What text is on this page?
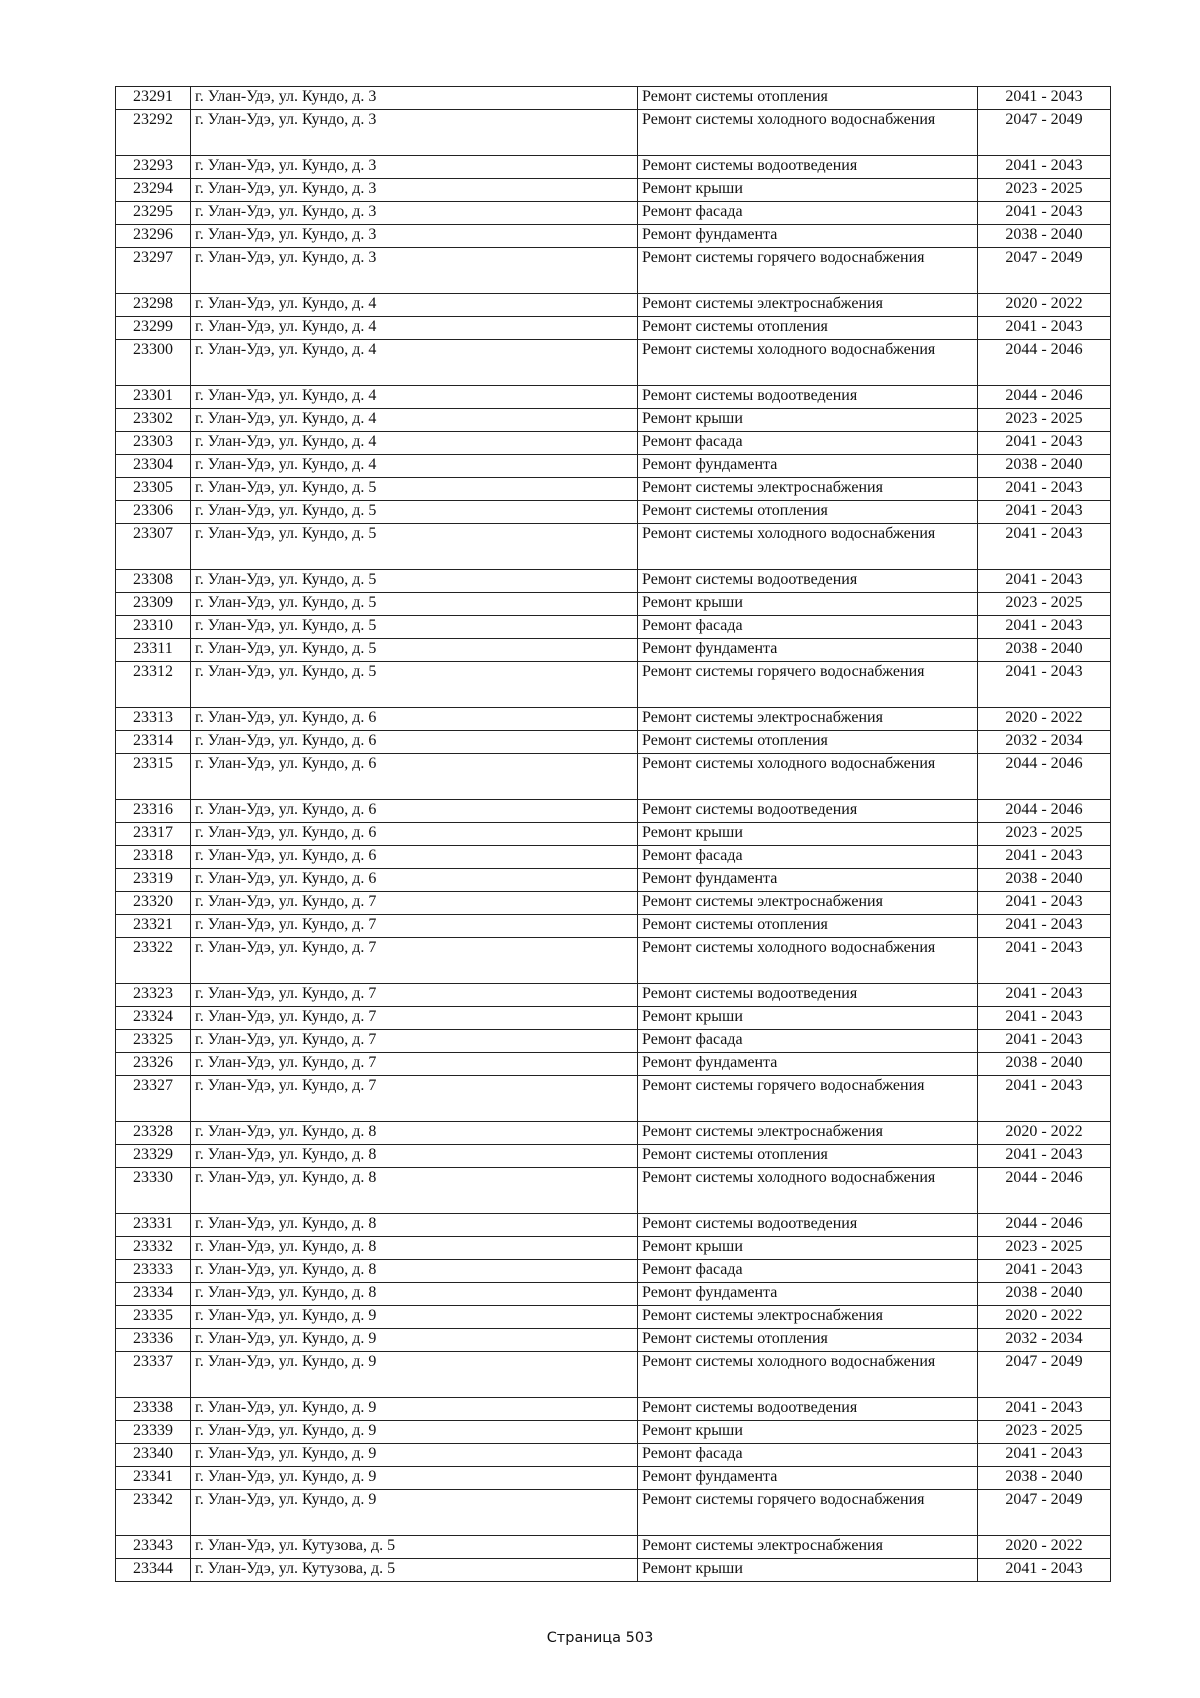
23291	г. Улан-Удэ, ул. Кундо, д. 3	Ремонт системы отопления	2041 - 2043
23292	г. Улан-Удэ, ул. Кундо, д. 3	Ремонт системы холодного водоснабжения	2047 - 2049
23293	г. Улан-Удэ, ул. Кундо, д. 3	Ремонт системы водоотведения	2041 - 2043
23294	г. Улан-Удэ, ул. Кундо, д. 3	Ремонт крыши	2023 - 2025
23295	г. Улан-Удэ, ул. Кундо, д. 3	Ремонт фасада	2041 - 2043
23296	г. Улан-Удэ, ул. Кундо, д. 3	Ремонт фундамента	2038 - 2040
23297	г. Улан-Удэ, ул. Кундо, д. 3	Ремонт системы горячего водоснабжения	2047 - 2049
23298	г. Улан-Удэ, ул. Кундо, д. 4	Ремонт системы электроснабжения	2020 - 2022
23299	г. Улан-Удэ, ул. Кундо, д. 4	Ремонт системы отопления	2041 - 2043
23300	г. Улан-Удэ, ул. Кундо, д. 4	Ремонт системы холодного водоснабжения	2044 - 2046
23301	г. Улан-Удэ, ул. Кундо, д. 4	Ремонт системы водоотведения	2044 - 2046
23302	г. Улан-Удэ, ул. Кундо, д. 4	Ремонт крыши	2023 - 2025
23303	г. Улан-Удэ, ул. Кундо, д. 4	Ремонт фасада	2041 - 2043
23304	г. Улан-Удэ, ул. Кундо, д. 4	Ремонт фундамента	2038 - 2040
23305	г. Улан-Удэ, ул. Кундо, д. 5	Ремонт системы электроснабжения	2041 - 2043
23306	г. Улан-Удэ, ул. Кундо, д. 5	Ремонт системы отопления	2041 - 2043
23307	г. Улан-Удэ, ул. Кундо, д. 5	Ремонт системы холодного водоснабжения	2041 - 2043
23308	г. Улан-Удэ, ул. Кундо, д. 5	Ремонт системы водоотведения	2041 - 2043
23309	г. Улан-Удэ, ул. Кундо, д. 5	Ремонт крыши	2023 - 2025
23310	г. Улан-Удэ, ул. Кундо, д. 5	Ремонт фасада	2041 - 2043
23311	г. Улан-Удэ, ул. Кундо, д. 5	Ремонт фундамента	2038 - 2040
23312	г. Улан-Удэ, ул. Кундо, д. 5	Ремонт системы горячего водоснабжения	2041 - 2043
23313	г. Улан-Удэ, ул. Кундо, д. 6	Ремонт системы электроснабжения	2020 - 2022
23314	г. Улан-Удэ, ул. Кундо, д. 6	Ремонт системы отопления	2032 - 2034
23315	г. Улан-Удэ, ул. Кундо, д. 6	Ремонт системы холодного водоснабжения	2044 - 2046
23316	г. Улан-Удэ, ул. Кундо, д. 6	Ремонт системы водоотведения	2044 - 2046
23317	г. Улан-Удэ, ул. Кундо, д. 6	Ремонт крыши	2023 - 2025
23318	г. Улан-Удэ, ул. Кундо, д. 6	Ремонт фасада	2041 - 2043
23319	г. Улан-Удэ, ул. Кундо, д. 6	Ремонт фундамента	2038 - 2040
23320	г. Улан-Удэ, ул. Кундо, д. 7	Ремонт системы электроснабжения	2041 - 2043
23321	г. Улан-Удэ, ул. Кундо, д. 7	Ремонт системы отопления	2041 - 2043
23322	г. Улан-Удэ, ул. Кундо, д. 7	Ремонт системы холодного водоснабжения	2041 - 2043
23323	г. Улан-Удэ, ул. Кундо, д. 7	Ремонт системы водоотведения	2041 - 2043
23324	г. Улан-Удэ, ул. Кундо, д. 7	Ремонт крыши	2041 - 2043
23325	г. Улан-Удэ, ул. Кундо, д. 7	Ремонт фасада	2041 - 2043
23326	г. Улан-Удэ, ул. Кундо, д. 7	Ремонт фундамента	2038 - 2040
23327	г. Улан-Удэ, ул. Кундо, д. 7	Ремонт системы горячего водоснабжения	2041 - 2043
23328	г. Улан-Удэ, ул. Кундо, д. 8	Ремонт системы электроснабжения	2020 - 2022
23329	г. Улан-Удэ, ул. Кундо, д. 8	Ремонт системы отопления	2041 - 2043
23330	г. Улан-Удэ, ул. Кундо, д. 8	Ремонт системы холодного водоснабжения	2044 - 2046
23331	г. Улан-Удэ, ул. Кундо, д. 8	Ремонт системы водоотведения	2044 - 2046
23332	г. Улан-Удэ, ул. Кундо, д. 8	Ремонт крыши	2023 - 2025
23333	г. Улан-Удэ, ул. Кундо, д. 8	Ремонт фасада	2041 - 2043
23334	г. Улан-Удэ, ул. Кундо, д. 8	Ремонт фундамента	2038 - 2040
23335	г. Улан-Удэ, ул. Кундо, д. 9	Ремонт системы электроснабжения	2020 - 2022
23336	г. Улан-Удэ, ул. Кундо, д. 9	Ремонт системы отопления	2032 - 2034
23337	г. Улан-Удэ, ул. Кундо, д. 9	Ремонт системы холодного водоснабжения	2047 - 2049
23338	г. Улан-Удэ, ул. Кундо, д. 9	Ремонт системы водоотведения	2041 - 2043
23339	г. Улан-Удэ, ул. Кундо, д. 9	Ремонт крыши	2023 - 2025
23340	г. Улан-Удэ, ул. Кундо, д. 9	Ремонт фасада	2041 - 2043
23341	г. Улан-Удэ, ул. Кундо, д. 9	Ремонт фундамента	2038 - 2040
23342	г. Улан-Удэ, ул. Кундо, д. 9	Ремонт системы горячего водоснабжения	2047 - 2049
23343	г. Улан-Удэ, ул. Кутузова, д. 5	Ремонт системы электроснабжения	2020 - 2022
23344	г. Улан-Удэ, ул. Кутузова, д. 5	Ремонт крыши	2041 - 2043
Страница 503
